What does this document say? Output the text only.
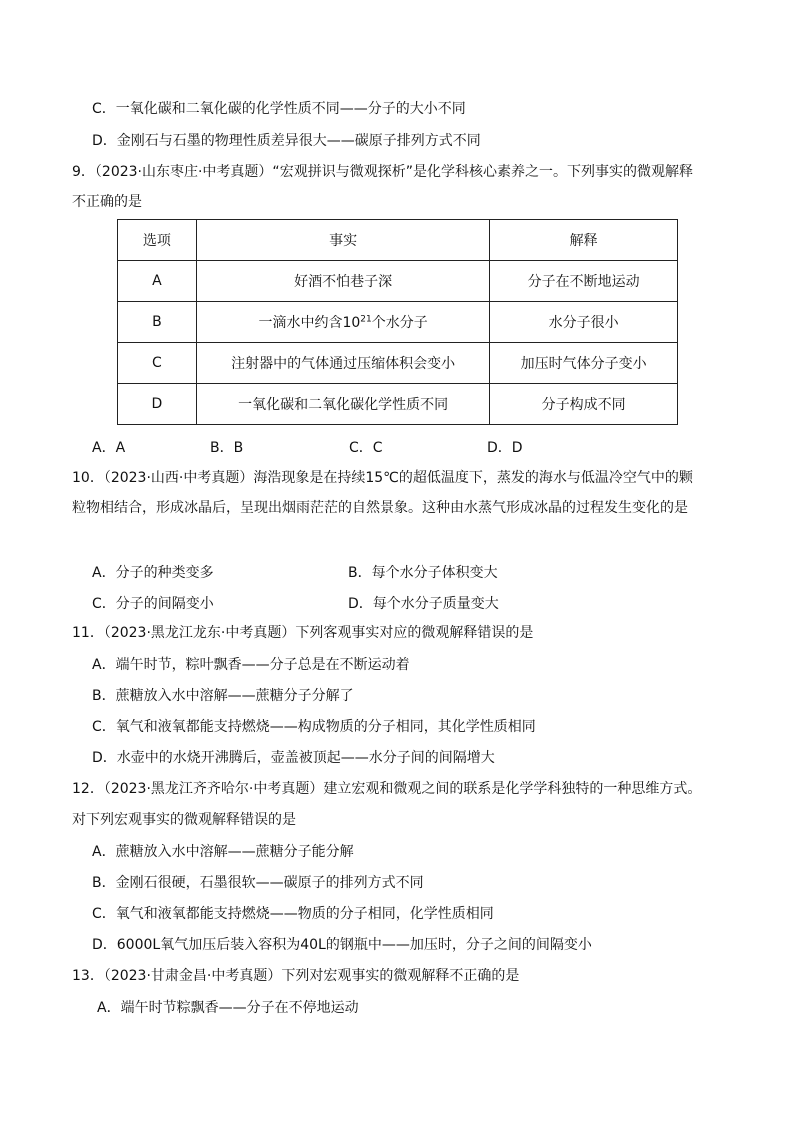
C．一氧化碳和二氧化碳的化学性质不同——分子的大小不同
D．金刚石与石墨的物理性质差异很大——碳原子排列方式不同
9．（2023·山东枣庄·中考真题）“宏观拼识与微观探析”是化学科核心素养之一。下列事实的微观解释
不正确的是
选项	事实	解释
A	好酒不怕巷子深	分子在不断地运动
B	一滴水中约含$10^{21}$个水分子	水分子很小
C	注射器中的气体通过压缩体积会变小	加压时气体分子变小
D	一氧化碳和二氧化碳化学性质不同	分子构成不同
A．A	B．B	C．C	D．D
10．（2023·山西·中考真题）海浩现象是在持续15℃的超低温度下，蒸发的海水与低温冷空气中的颗
粒物相结合，形成冰晶后，呈现出烟雨茫茫的自然景象。这种由水蒸气形成冰晶的过程发生变化的是
A．分子的种类变多	B．每个水分子体积变大
C．分子的间隔变小	D．每个水分子质量变大
11．（2023·黑龙江龙东·中考真题）下列客观事实对应的微观解释错误的是
A．端午时节，粽叶飘香——分子总是在不断运动着
B．蔗糖放入水中溶解——蔗糖分子分解了
C．氧气和液氧都能支持燃烧——构成物质的分子相同，其化学性质相同
D．水壶中的水烧开沸腾后，壶盖被顶起——水分子间的间隔增大
12．（2023·黑龙江齐齐哈尔·中考真题）建立宏观和微观之间的联系是化学学科独特的一种思维方式。
对下列宏观事实的微观解释错误的是
A．蔗糖放入水中溶解——蔗糖分子能分解
B．金刚石很硬，石墨很软——碳原子的排列方式不同
C．氧气和液氧都能支持燃烧——物质的分子相同，化学性质相同
D．6000L氧气加压后装入容积为40L的钢瓶中——加压时，分子之间的间隔变小
13．（2023·甘肃金昌·中考真题）下列对宏观事实的微观解释不正确的是
A．端午时节粽飘香——分子在不停地运动
